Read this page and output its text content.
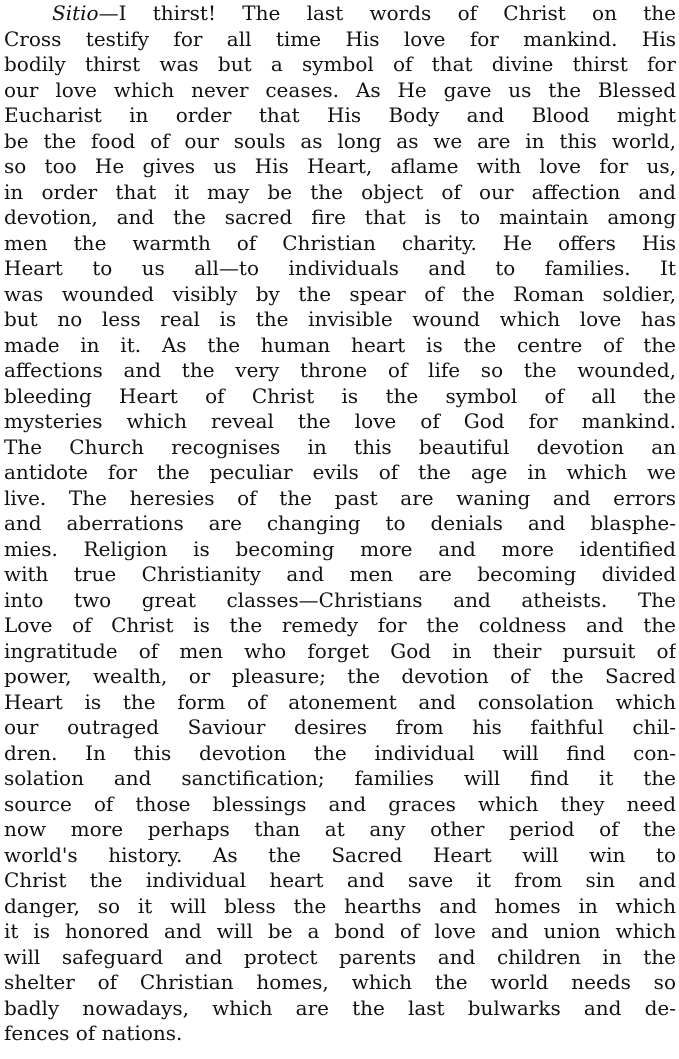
Sitio—I thirst! The last words of Christ on the
Cross testify for all time His love for mankind. His
bodily thirst was but a symbol of that divine thirst for
our love which never ceases. As He gave us the Blessed
Eucharist in order that His Body and Blood might
be the food of our souls as long as we are in this world,
so too He gives us His Heart, aflame with love for us,
in order that it may be the object of our affection and
devotion, and the sacred fire that is to maintain among
men the warmth of Christian charity. He offers His
Heart to us all—to individuals and to families. It
was wounded visibly by the spear of the Roman soldier,
but no less real is the invisible wound which love has
made in it. As the human heart is the centre of the
affections and the very throne of life so the wounded,
bleeding Heart of Christ is the symbol of all the
mysteries which reveal the love of God for mankind.
The Church recognises in this beautiful devotion an
antidote for the peculiar evils of the age in which we
live. The heresies of the past are waning and errors
and aberrations are changing to denials and blasphe-
mies. Religion is becoming more and more identified
with true Christianity and men are becoming divided
into two great classes—Christians and atheists. The
Love of Christ is the remedy for the coldness and the
ingratitude of men who forget God in their pursuit of
power, wealth, or pleasure; the devotion of the Sacred
Heart is the form of atonement and consolation which
our outraged Saviour desires from his faithful chil-
dren. In this devotion the individual will find con-
solation and sanctification; families will find it the
source of those blessings and graces which they need
now more perhaps than at any other period of the
world's history. As the Sacred Heart will win to
Christ the individual heart and save it from sin and
danger, so it will bless the hearths and homes in which
it is honored and will be a bond of love and union which
will safeguard and protect parents and children in the
shelter of Christian homes, which the world needs so
badly nowadays, which are the last bulwarks and de-
fences of nations.
